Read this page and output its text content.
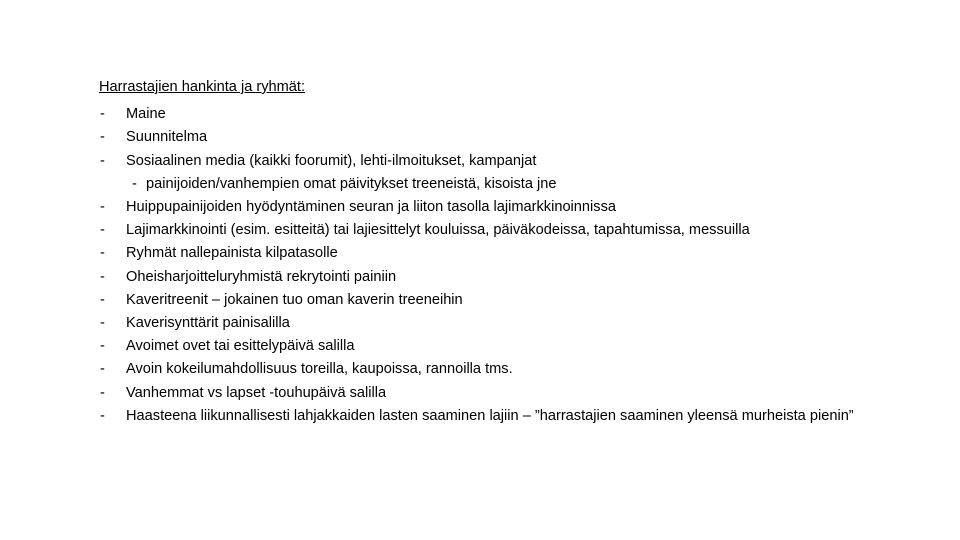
Harrastajien hankinta ja ryhmät:
- Maine
- Suunnitelma
- Sosiaalinen media (kaikki foorumit), lehti-ilmoitukset, kampanjat
- painijoiden/vanhempien omat päivitykset treeneistä, kisoista jne
- Huippupainijoiden hyödyntäminen seuran ja liiton tasolla lajimarkkinoinnissa
- Lajimarkkinointi (esim. esitteitä) tai lajiesittelyt kouluissa, päiväkodeissa, tapahtumissa, messuilla
- Ryhmät nallepainista kilpatasolle
- Oheisharjoitteluryhmistä rekrytointi painiin
- Kaveritreenit – jokainen tuo oman kaverin treeneihin
- Kaverisynttärit painisalilla
- Avoimet ovet tai esittelypäivä salilla
- Avoin kokeilumahdollisuus toreilla, kaupoissa, rannoilla tms.
- Vanhemmat vs lapset -touhupäivä salilla
- Haasteena liikunnallisesti lahjakkaiden lasten saaminen lajiin – ”harrastajien saaminen yleensä murheista pienin”
